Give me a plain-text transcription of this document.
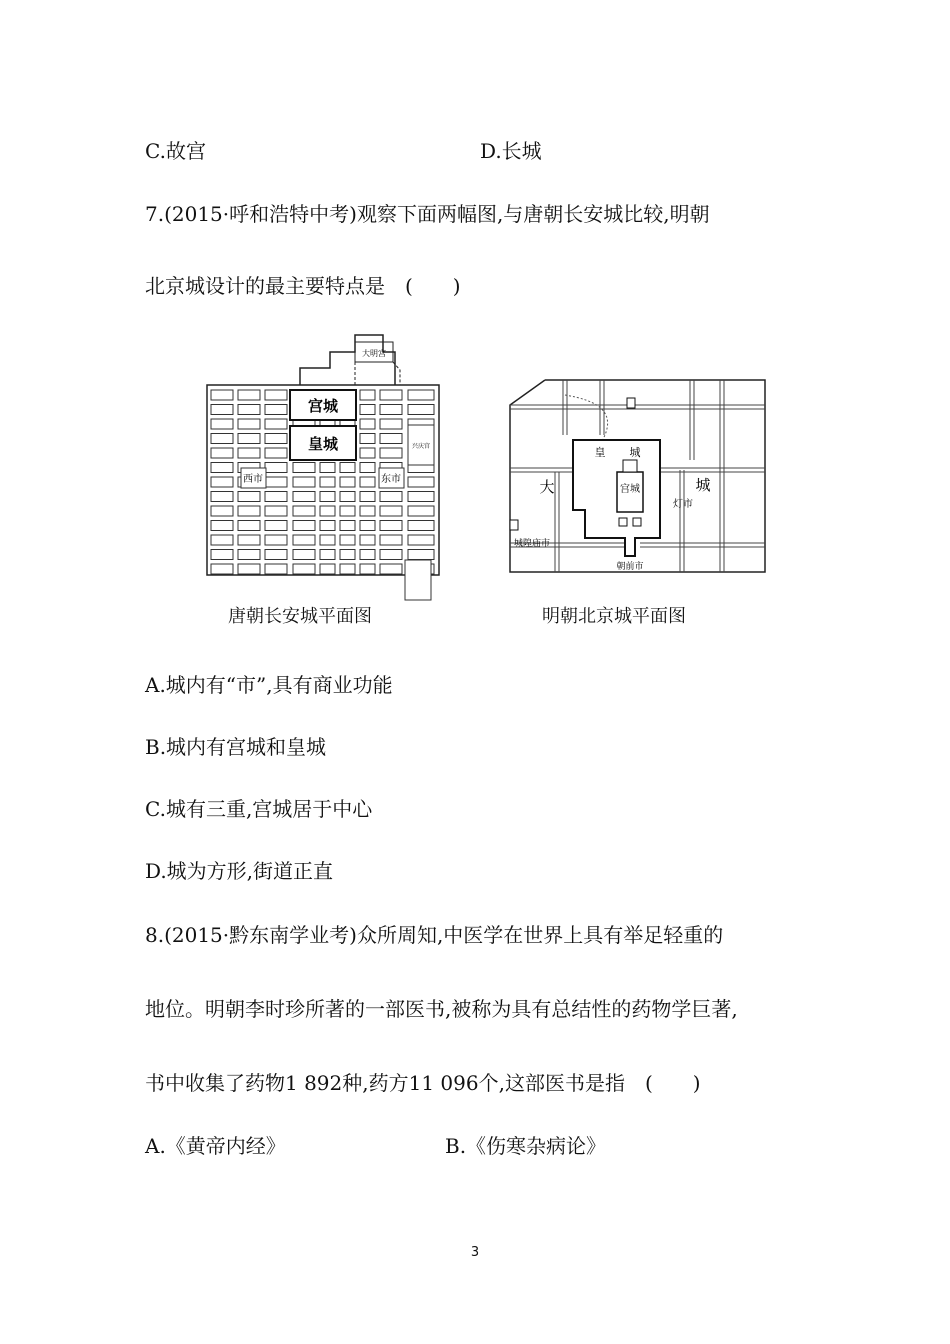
C.故宫	D.长城
7.(2015·呼和浩特中考)观察下面两幅图,与唐朝长安城比较,明朝
北京城设计的最主要特点是　(　　)
大明宫
宫城
皇城
西市	东市
兴庆宫
唐朝长安城平面图
皇 城
宫城
大	城
灯市
城隍庙市
朝前市
明朝北京城平面图
A.城内有“市”,具有商业功能
B.城内有宫城和皇城
C.城有三重,宫城居于中心
D.城为方形,街道正直
8.(2015·黔东南学业考)众所周知,中医学在世界上具有举足轻重的
地位。明朝李时珍所著的一部医书,被称为具有总结性的药物学巨著,
书中收集了药物1 892种,药方11 096个,这部医书是指　(　　)
A.《黄帝内经》	B.《伤寒杂病论》
3
